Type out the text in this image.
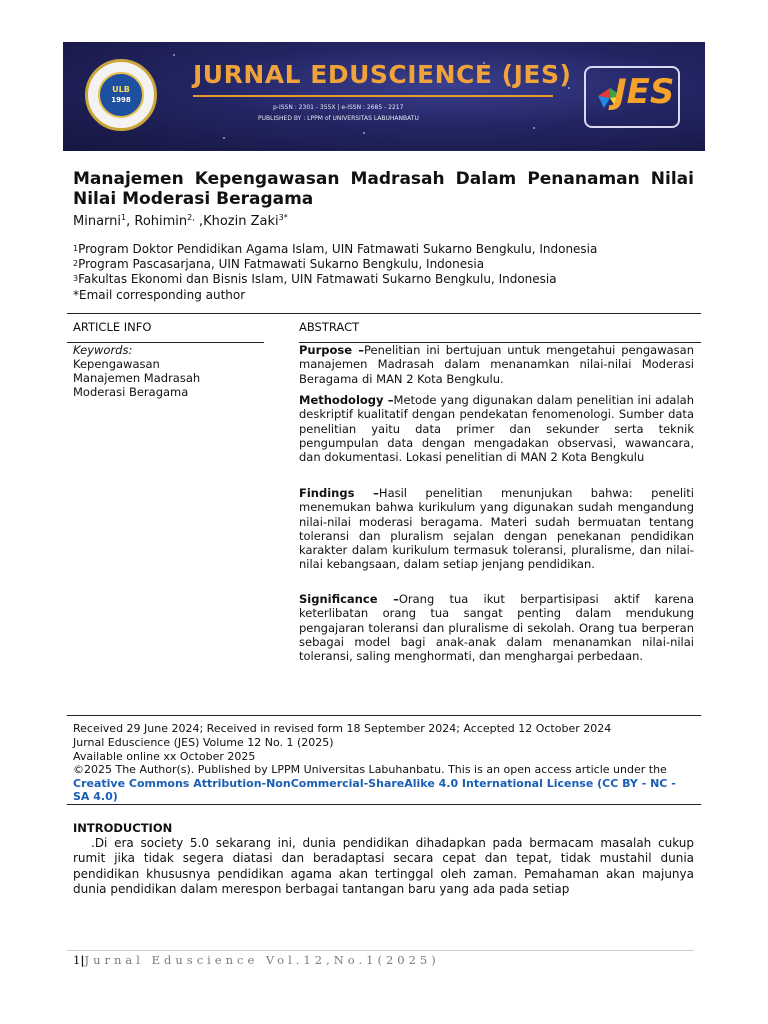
ULB
1998
JURNAL EDUSCIENCE (JES)
p-ISSN : 2301 - 355X | e-ISSN : 2685 - 2217
PUBLISHED BY : LPPM of UNIVERSITAS LABUHANBATU
JES
Manajemen Kepengawasan Madrasah Dalam Penanaman Nilai Nilai Moderasi Beragama
Minarni$^1$, Rohimin$^{2,}$ ,Khozin Zaki$^{3*}$
$^1$Program Doktor Pendidikan Agama Islam, UIN Fatmawati Sukarno Bengkulu, Indonesia
$^2$Program Pascasarjana, UIN Fatmawati Sukarno Bengkulu, Indonesia
$^3$Fakultas Ekonomi dan Bisnis Islam, UIN Fatmawati Sukarno Bengkulu, Indonesia
*Email corresponding author
ARTICLE INFO	ABSTRACT
Keywords:
Kepengawasan
Manajemen Madrasah
Moderasi Beragama
Purpose –Penelitian ini bertujuan untuk mengetahui pengawasan manajemen Madrasah dalam menanamkan nilai-nilai Moderasi Beragama di MAN 2 Kota Bengkulu.
Methodology –Metode yang digunakan dalam penelitian ini adalah deskriptif kualitatif dengan pendekatan fenomenologi. Sumber data penelitian yaitu data primer dan sekunder serta teknik pengumpulan data dengan mengadakan observasi, wawancara, dan dokumentasi. Lokasi penelitian di MAN 2 Kota Bengkulu
Findings –Hasil penelitian menunjukan bahwa: peneliti menemukan bahwa kurikulum yang digunakan sudah mengandung nilai-nilai moderasi beragama. Materi sudah bermuatan tentang toleransi dan pluralism sejalan dengan penekanan pendidikan karakter dalam kurikulum termasuk toleransi, pluralisme, dan nilai-nilai kebangsaan, dalam setiap jenjang pendidikan.
Significance –Orang tua ikut berpartisipasi aktif karena keterlibatan orang tua sangat penting dalam mendukung pengajaran toleransi dan pluralisme di sekolah. Orang tua berperan sebagai model bagi anak-anak dalam menanamkan nilai-nilai toleransi, saling menghormati, dan menghargai perbedaan.
Received 29 June 2024; Received in revised form 18 September 2024; Accepted 12 October 2024
Jurnal Eduscience (JES) Volume 12 No. 1 (2025)
Available online xx October 2025
©2025 The Author(s). Published by LPPM Universitas Labuhanbatu. This is an open access article under the Creative Commons Attribution-NonCommercial-ShareAlike 4.0 International License (CC BY - NC - SA 4.0)
INTRODUCTION
.Di era society 5.0 sekarang ini, dunia pendidikan dihadapkan pada bermacam masalah cukup rumit jika tidak segera diatasi dan beradaptasi secara cepat dan tepat, tidak mustahil dunia pendidikan khususnya pendidikan agama akan tertinggal oleh zaman. Pemahaman akan majunya dunia pendidikan dalam merespon berbagai tantangan baru yang ada pada setiap
1|Jurnal Eduscience Vol.12,No.1(2025)
